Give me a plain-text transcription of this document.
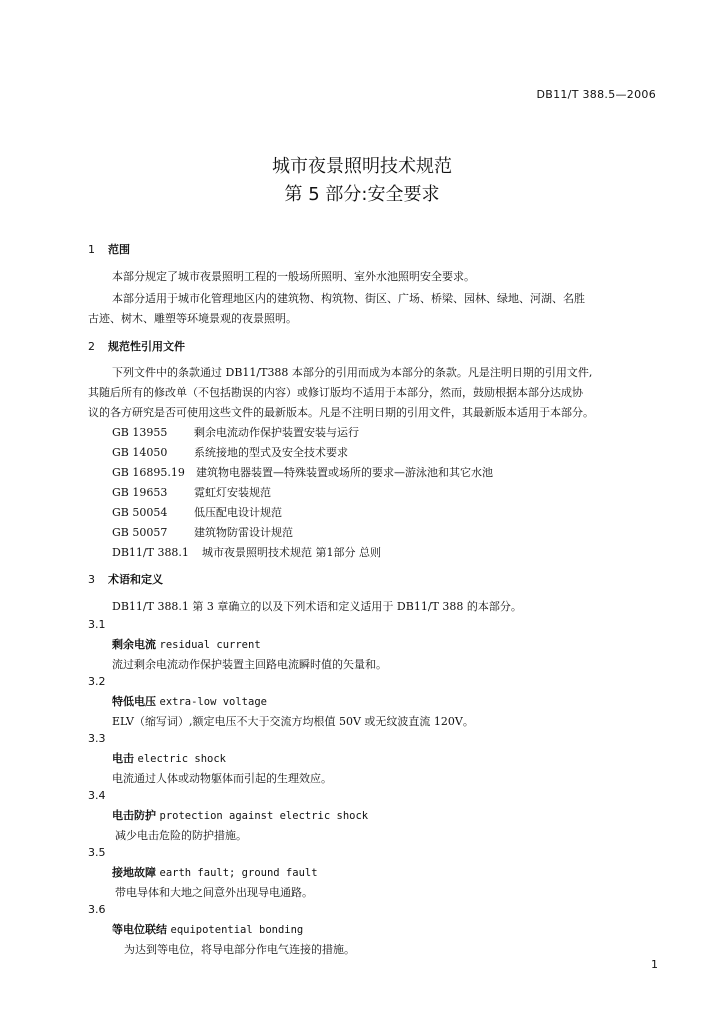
DB11/T 388.5—2006
城市夜景照明技术规范
第 5 部分:安全要求
1 范围
本部分规定了城市夜景照明工程的一般场所照明、室外水池照明安全要求。
本部分适用于城市化管理地区内的建筑物、构筑物、街区、广场、桥梁、园林、绿地、河湖、名胜
古迹、树木、雕塑等环境景观的夜景照明。
2 规范性引用文件
下列文件中的条款通过 DB11/T388 本部分的引用而成为本部分的条款。凡是注明日期的引用文件,
其随后所有的修改单（不包括勘误的内容）或修订版均不适用于本部分，然而，鼓励根据本部分达成协
议的各方研究是否可使用这些文件的最新版本。凡是不注明日期的引用文件，其最新版本适用于本部分。
GB 13955 剩余电流动作保护装置安装与运行
GB 14050 系统接地的型式及安全技术要求
GB 16895.19 建筑物电器装置—特殊装置或场所的要求—游泳池和其它水池
GB 19653 霓虹灯安装规范
GB 50054 低压配电设计规范
GB 50057 建筑物防雷设计规范
DB11/T 388.1 城市夜景照明技术规范 第1部分 总则
3 术语和定义
DB11/T 388.1 第 3 章确立的以及下列术语和定义适用于 DB11/T 388 的本部分。
3.1
剩余电流 residual current
流过剩余电流动作保护装置主回路电流瞬时值的矢量和。
3.2
特低电压 extra-low voltage
ELV（缩写词）,额定电压不大于交流方均根值 50V 或无纹波直流 120V。
3.3
电击 electric shock
电流通过人体或动物躯体而引起的生理效应。
3.4
电击防护 protection against electric shock
减少电击危险的防护措施。
3.5
接地故障 earth fault; ground fault
带电导体和大地之间意外出现导电通路。
3.6
等电位联结 equipotential bonding
为达到等电位，将导电部分作电气连接的措施。
1
